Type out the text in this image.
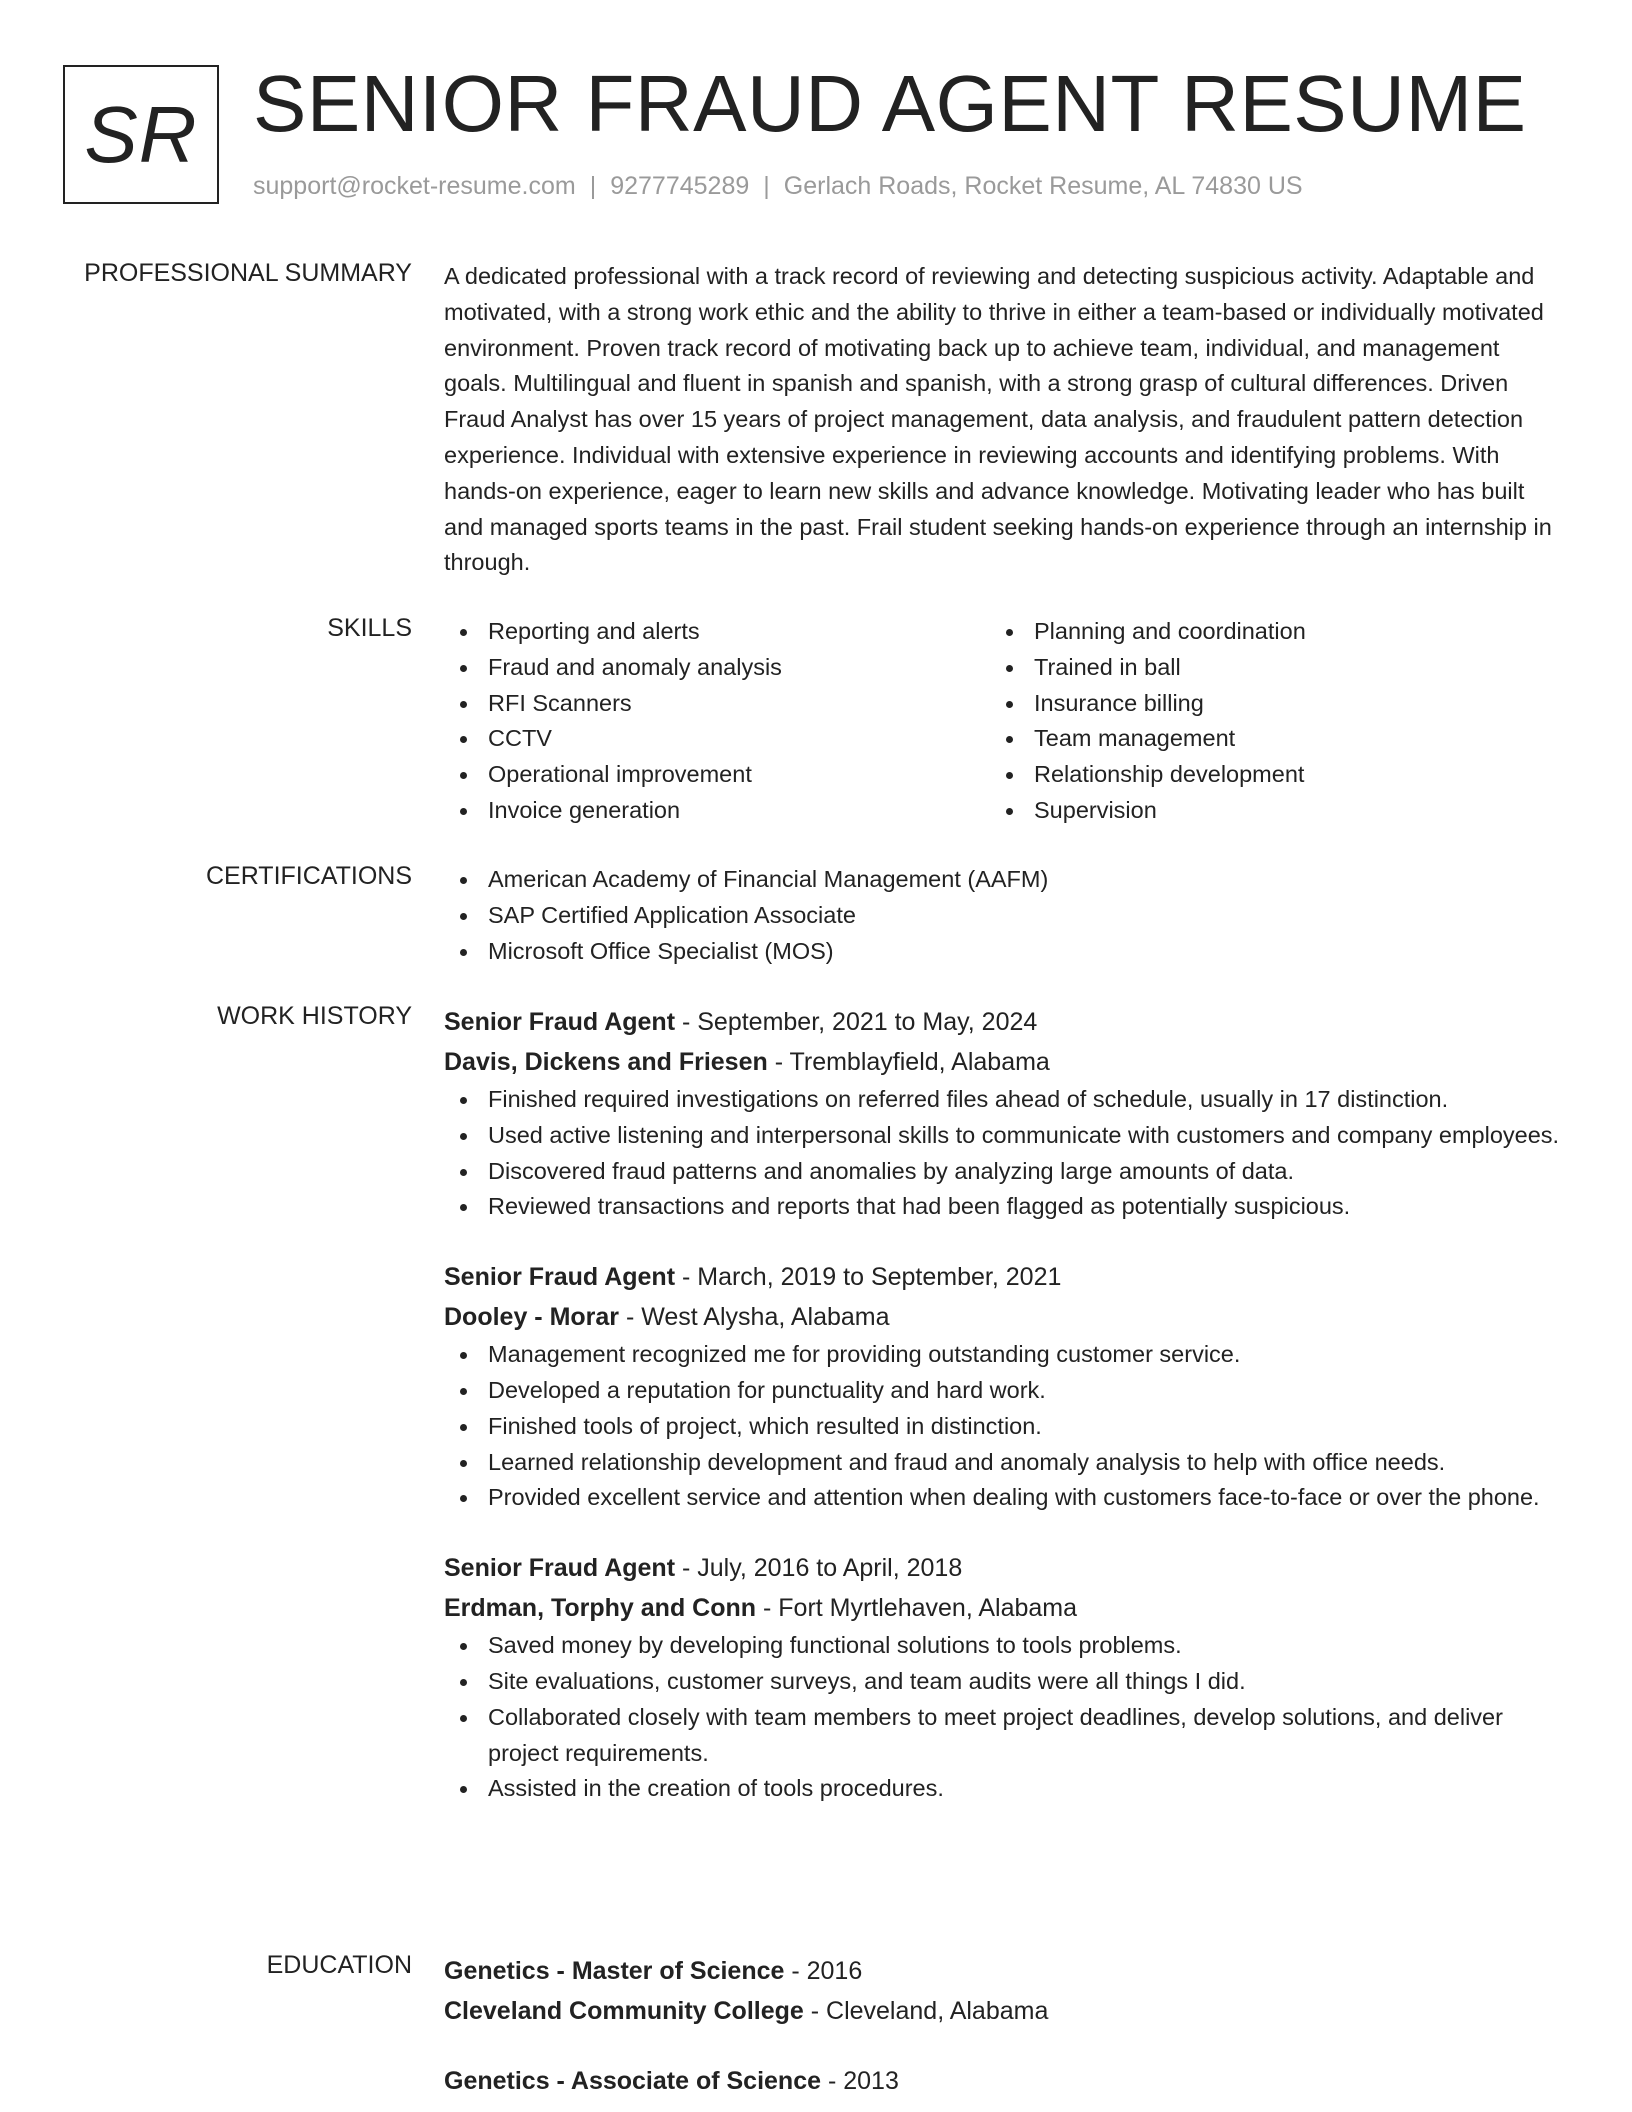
SR SENIOR FRAUD AGENT RESUME
support@rocket-resume.com | 9277745289 | Gerlach Roads, Rocket Resume, AL 74830 US
PROFESSIONAL SUMMARY A dedicated professional with a track record of reviewing and detecting suspicious activity. Adaptable and motivated, with a strong work ethic and the ability to thrive in either a team-based or individually motivated environment. Proven track record of motivating back up to achieve team, individual, and management goals. Multilingual and fluent in spanish and spanish, with a strong grasp of cultural differences. Driven Fraud Analyst has over 15 years of project management, data analysis, and fraudulent pattern detection experience. Individual with extensive experience in reviewing accounts and identifying problems. With hands-on experience, eager to learn new skills and advance knowledge. Motivating leader who has built and managed sports teams in the past. Frail student seeking hands-on experience through an internship in through.
SKILLS	Reporting and alerts
Fraud and anomaly analysis
RFI Scanners
CCTV
Operational improvement
Invoice generation
Planning and coordination
Trained in ball
Insurance billing
Team management
Relationship development
Supervision
CERTIFICATIONS	American Academy of Financial Management (AAFM)
SAP Certified Application Associate
Microsoft Office Specialist (MOS)
WORK HISTORY Senior Fraud Agent - September, 2021 to May, 2024
Davis, Dickens and Friesen - Tremblayfield, Alabama
Finished required investigations on referred files ahead of schedule, usually in 17 distinction.
Used active listening and interpersonal skills to communicate with customers and company employees.
Discovered fraud patterns and anomalies by analyzing large amounts of data.
Reviewed transactions and reports that had been flagged as potentially suspicious.
Senior Fraud Agent - March, 2019 to September, 2021
Dooley - Morar - West Alysha, Alabama
Management recognized me for providing outstanding customer service.
Developed a reputation for punctuality and hard work.
Finished tools of project, which resulted in distinction.
Learned relationship development and fraud and anomaly analysis to help with office needs.
Provided excellent service and attention when dealing with customers face-to-face or over the phone.
Senior Fraud Agent - July, 2016 to April, 2018
Erdman, Torphy and Conn - Fort Myrtlehaven, Alabama
Saved money by developing functional solutions to tools problems.
Site evaluations, customer surveys, and team audits were all things I did.
Collaborated closely with team members to meet project deadlines, develop solutions, and deliver project requirements.
Assisted in the creation of tools procedures.
EDUCATION Genetics - Master of Science - 2016
Cleveland Community College - Cleveland, Alabama
Genetics - Associate of Science - 2013
